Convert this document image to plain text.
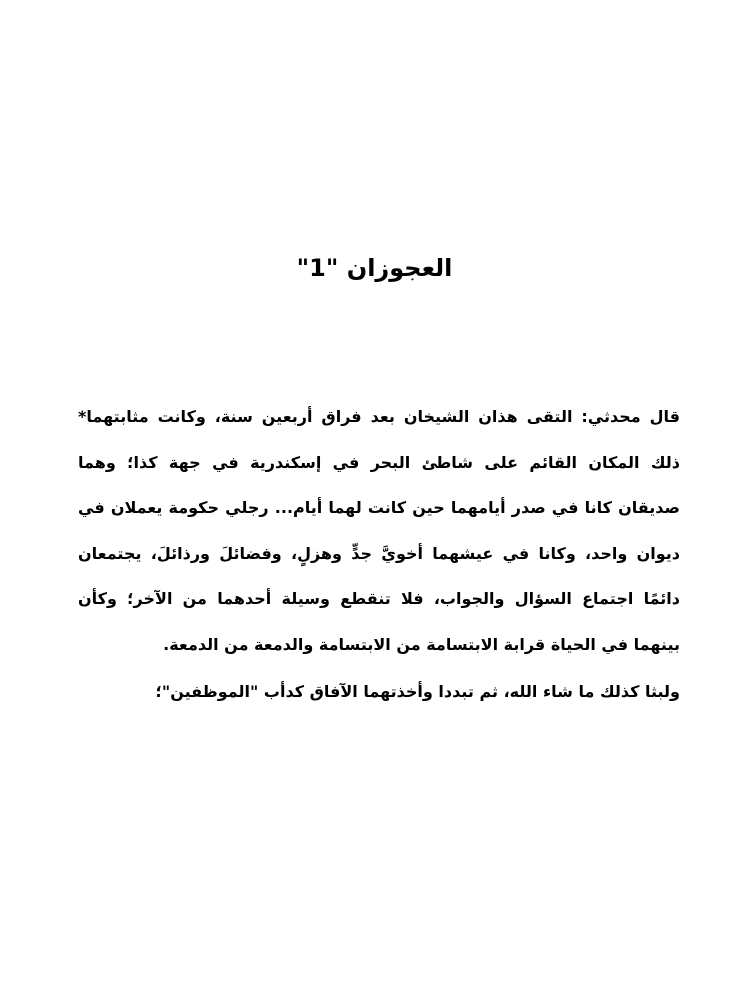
العجوزان "1"

قال محدثي: التقى هذان الشيخان بعد فراق أربعين سنة، وكانت مثابتهما* ذلك المكان القائم على شاطئ البحر في إسكندرية في جهة كذا؛ وهما صديقان كانا في صدر أيامهما حين كانت لهما أيام... رجلي حكومة يعملان في ديوان واحد، وكانا في عيشهما أخويَّ جدٍّ وهزلٍ، وفضائلَ ورذائلَ، يجتمعان دائمًا اجتماع السؤال والجواب، فلا تنقطع وسيلة أحدهما من الآخر؛ وكأن بينهما في الحياة قرابة الابتسامة من الابتسامة والدمعة من الدمعة.

ولبثا كذلك ما شاء الله، ثم تبددا وأخذتهما الآفاق كدأب "الموظفين"؛
